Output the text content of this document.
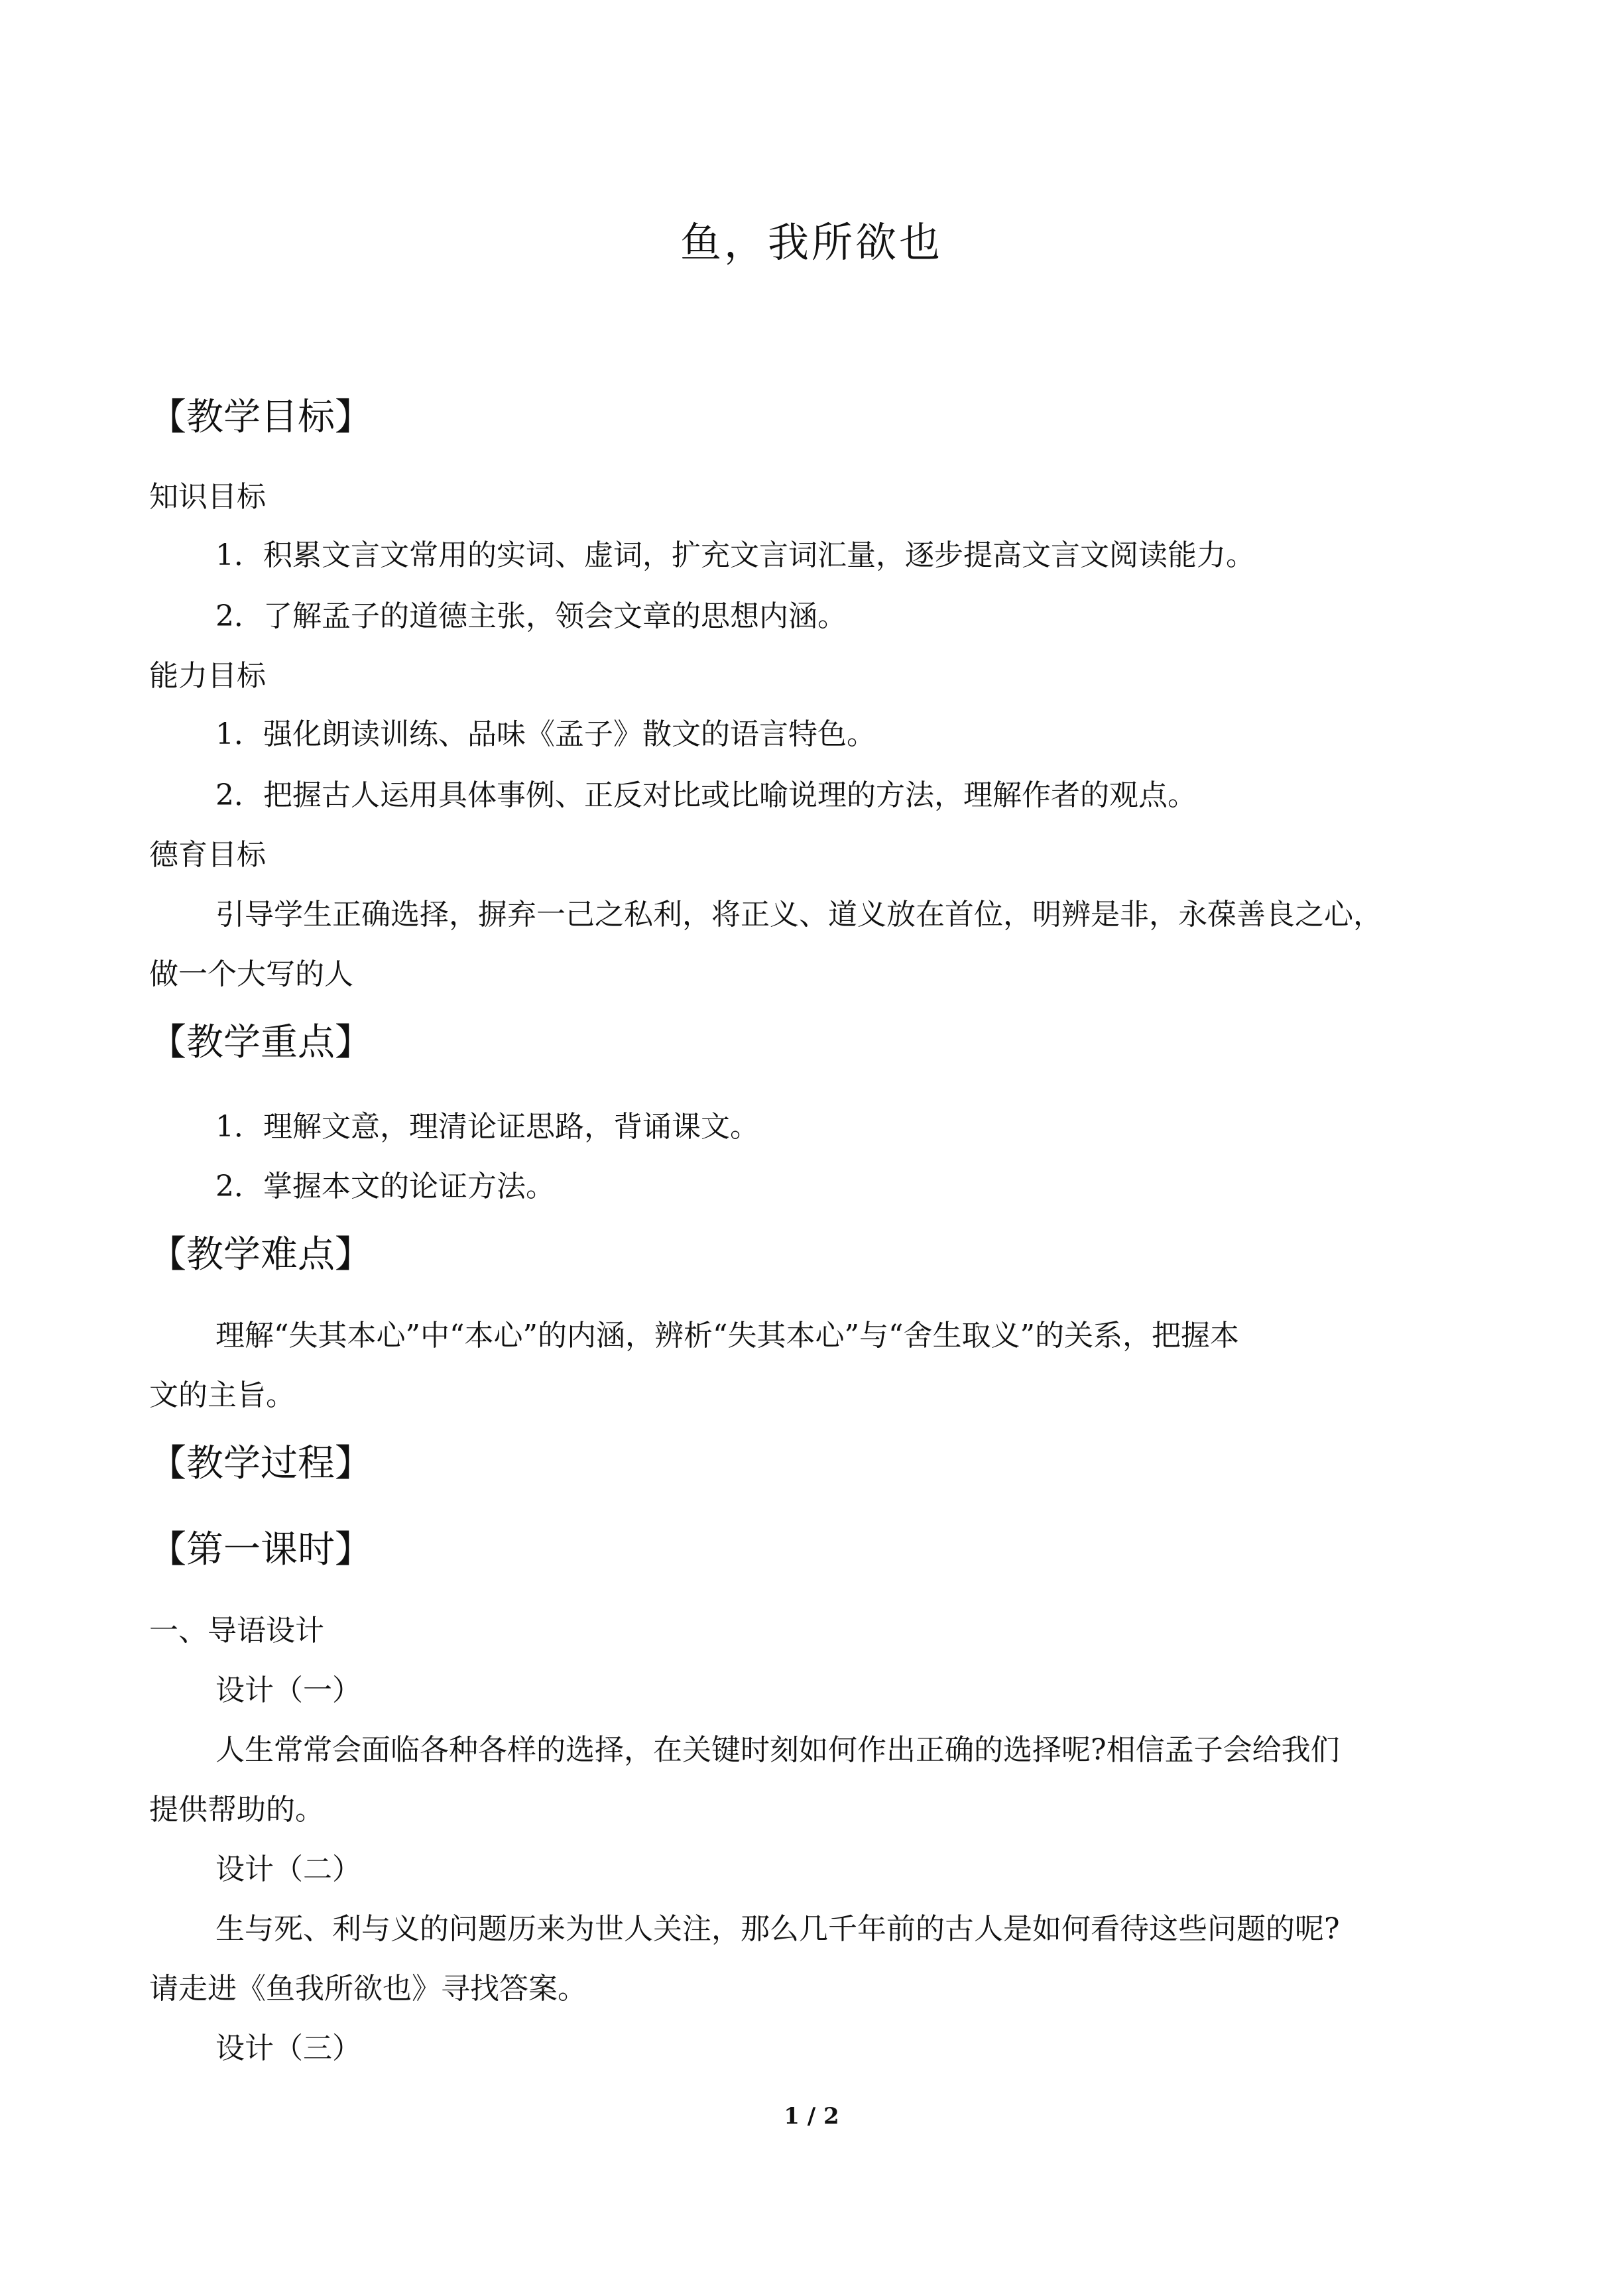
鱼，我所欲也
【教学目标】
知识目标
1．积累文言文常用的实词、虚词，扩充文言词汇量，逐步提高文言文阅读能力。
2．了解孟子的道德主张，领会文章的思想内涵。
能力目标
1．强化朗读训练、品味《孟子》散文的语言特色。
2．把握古人运用具体事例、正反对比或比喻说理的方法，理解作者的观点。
德育目标
引导学生正确选择，摒弃一己之私利，将正义、道义放在首位，明辨是非，永葆善良之心，
做一个大写的人
【教学重点】
1．理解文意，理清论证思路，背诵课文。
2．掌握本文的论证方法。
【教学难点】
理解“失其本心”中“本心”的内涵，辨析“失其本心”与“舍生取义”的关系，把握本
文的主旨。
【教学过程】
【第一课时】
一、导语设计
设计（一）
人生常常会面临各种各样的选择，在关键时刻如何作出正确的选择呢?相信孟子会给我们
提供帮助的。
设计（二）
生与死、利与义的问题历来为世人关注，那么几千年前的古人是如何看待这些问题的呢?
请走进《鱼我所欲也》寻找答案。
设计（三）
1 / 2
